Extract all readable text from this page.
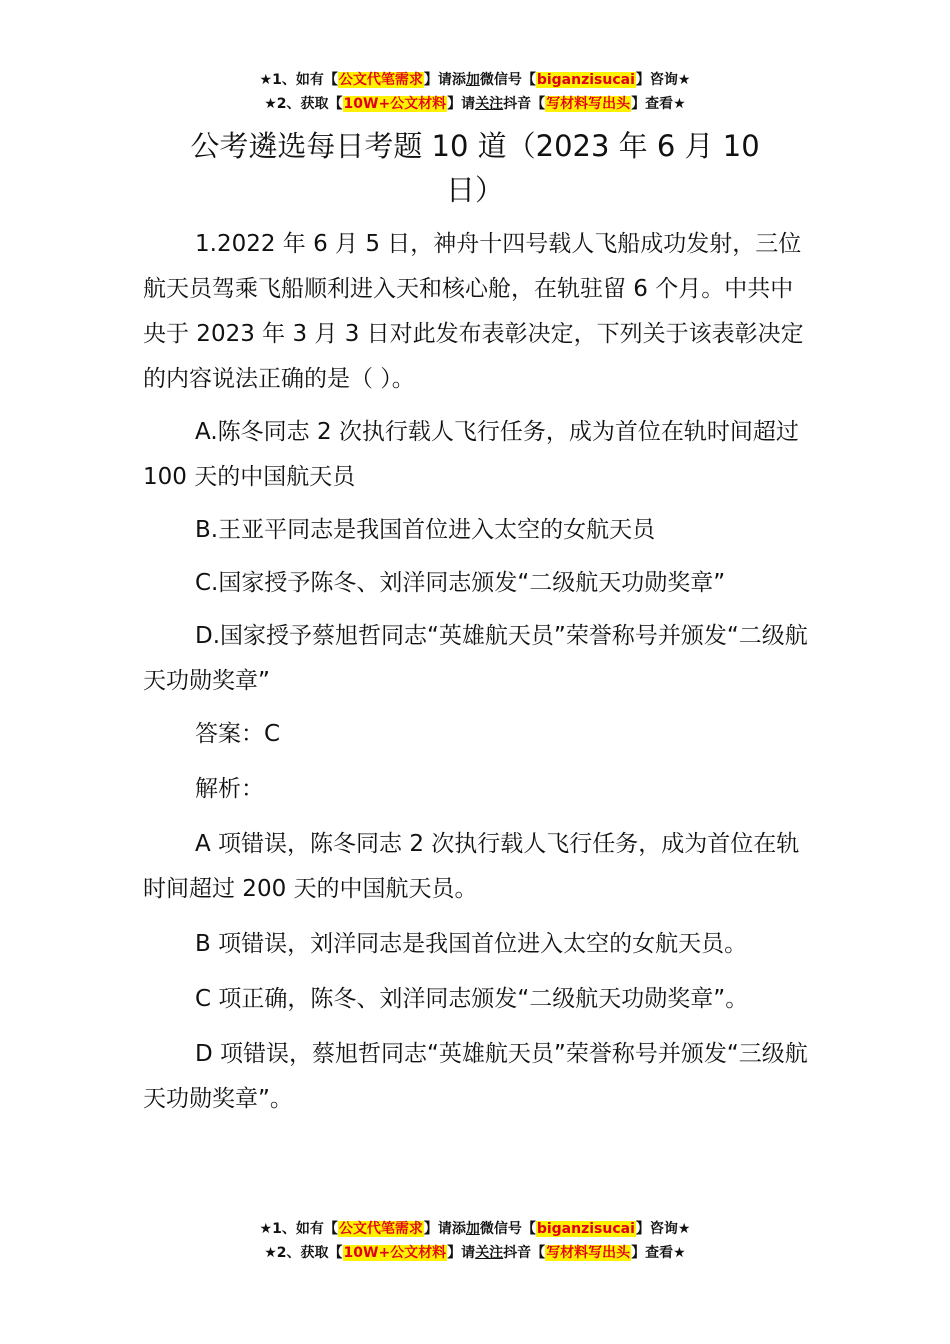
★1、如有【公文代笔需求】请添加微信号【biganzisucai】咨询★
★2、获取【10W+公文材料】请关注抖音【写材料写出头】查看★
公考遴选每日考题 10 道（2023 年 6 月 10 日）

1.2022 年 6 月 5 日，神舟十四号载人飞船成功发射，三位航天员驾乘飞船顺利进入天和核心舱，在轨驻留 6 个月。中共中央于 2023 年 3 月 3 日对此发布表彰决定，下列关于该表彰决定的内容说法正确的是（ ）。

A.陈冬同志 2 次执行载人飞行任务，成为首位在轨时间超过 100 天的中国航天员

B.王亚平同志是我国首位进入太空的女航天员

C.国家授予陈冬、刘洋同志颁发“二级航天功勋奖章”

D.国家授予蔡旭哲同志“英雄航天员”荣誉称号并颁发“二级航天功勋奖章”

答案：C

解析：

A 项错误，陈冬同志 2 次执行载人飞行任务，成为首位在轨时间超过 200 天的中国航天员。

B 项错误，刘洋同志是我国首位进入太空的女航天员。

C 项正确，陈冬、刘洋同志颁发“二级航天功勋奖章”。

D 项错误，蔡旭哲同志“英雄航天员”荣誉称号并颁发“三级航天功勋奖章”。

★1、如有【公文代笔需求】请添加微信号【biganzisucai】咨询★
★2、获取【10W+公文材料】请关注抖音【写材料写出头】查看★
